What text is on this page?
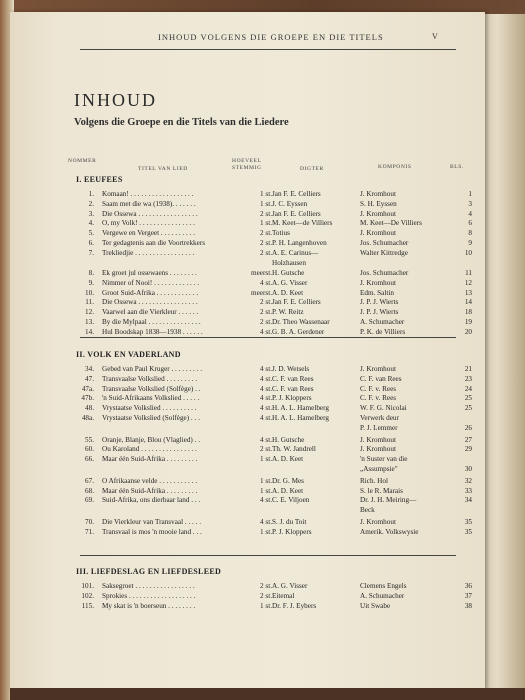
INHOUD VOLGENS DIE GROEPE EN DIE TITELS	V
INHOUD
Volgens die Groepe en die Titels van die Liedere
NOMMER
TITEL VAN LIED
HOEVEEL STEMMIG	DIGTER	KOMPONIS	BLS.
I. EEUFEES
1. Komaan! . . . . . . . . . . . . . . . . . .	1 st. Jan F. E. Celliers	J. Kromhout	1
2. Saam met die wa (1938). . . . . . .	1 st. J. C. Eyssen	S. H. Eyssen	3
3. Die Ossewa . . . . . . . . . . . . . . . . .	2 st. Jan F. E. Celliers	J. Kromhout	4
4. O, my Volk! . . . . . . . . . . . . . . . .	1 st. M. Keet—de Villiers	M. Keet—De Villiers	6
5. Vergewe en Vergeet . . . . . . . . . .	2 st. Totius	J. Kromhout	8
6. Ter gedagtenis aan die Voortrekkers	2 st. P. H. Langenhoven	Jos. Schumacher	9
7. Trekliedjie . . . . . . . . . . . . . . . . .	2 st. A. E. Carinus—	Walter Kittredge	10
Holzhausen
8. Ek groet jul ossewaens . . . . . . . .	meerst. H. Gutsche	Jos. Schumacher	11
9. Nimmer of Nooi! . . . . . . . . . . . . .	4 st. A. G. Visser	J. Kromhout	12
10. Groot Suid-Afrika . . . . . . . . . . . .	meerst. A. D. Keet	Edm. Saltin	13
11. Die Ossewa . . . . . . . . . . . . . . . . .	2 st. Jan F. E. Celliers	J. P. J. Wierts	14
12. Vaarwel aan die Vierkleur . . . . . .	2 st. P. W. Reitz	J. P. J. Wierts	18
13. By die Mylpaal . . . . . . . . . . . . . . .	2 st. Dr. Theo Wassenaar	A. Schumacher	19
14. Hul Boodskap 1838—1938 . . . . . .	4 st. G. B. A. Gerdener	P. K. de Villiers	20
II. VOLK EN VADERLAND
34. Gebed van Paul Kruger . . . . . . . . .	4 st. J. D. Wetsels	J. Kromhout	21
47. Transvaalse Volkslied . . . . . . . . .	4 st. C. F. van Rees	C. F. van Rees	23
47a. Transvaalse Volkslied (Solfège) . .	4 st. C. F. van Rees	C. F. v. Rees	24
47b. 'n Suid-Afrikaans Volkslied . . . . .	4 st. P. J. Kloppers	C. F. v. Rees	25
48. Vrystaatse Volkslied . . . . . . . . . .	4 st. H. A. L. Hamelberg	W. F. G. Nicolai	25
48a. Vrystaatse Volkslied (Solfège) . . .	4 st. H. A. L. Hamelberg	Verwerk deur
P. J. Lemmer	26
55. Oranje, Blanje, Blou (Vlaglied) . .	4 st. H. Gutsche	J. Kromhout	27
60. Ou Karoland . . . . . . . . . . . . . . . .	2 st. Th. W. Jandrell	J. Kromhout	29
66. Maar één Suid-Afrika . . . . . . . . .	1 st. A. D. Keet	'n Suster van die
„Assumpsie"	30
67. O Afrikaanse velde . . . . . . . . . . .	1 st. Dr. G. Mes	Rich. Hol	32
68. Maar één Suid-Afrika . . . . . . . . .	1 st. A. D. Keet	S. le R. Marais	33
69. Suid-Afrika, ons dierbaar land . . .	4 st. C. E. Viljoen	Dr. J. H. Meiring—	34
Beck
70. Die Vierkleur van Transvaal . . . . .	4 st. S. J. du Toit	J. Kromhout	35
71. Transvaal is mos 'n mooie land . . .	1 st. P. J. Kloppers	Amerik. Volkswysie	35
III. LIEFDESLAG EN LIEFDESLEED
101. Saksegroet . . . . . . . . . . . . . . . . .	2 st. A. G. Visser	Clemens Engels	36
102. Sprokies . . . . . . . . . . . . . . . . . . .	2 st. Eitemal	A. Schumacher	37
115. My skat is 'n boerseun . . . . . . . .	1 st. Dr. F. J. Eybers	Uit Swabe	38
